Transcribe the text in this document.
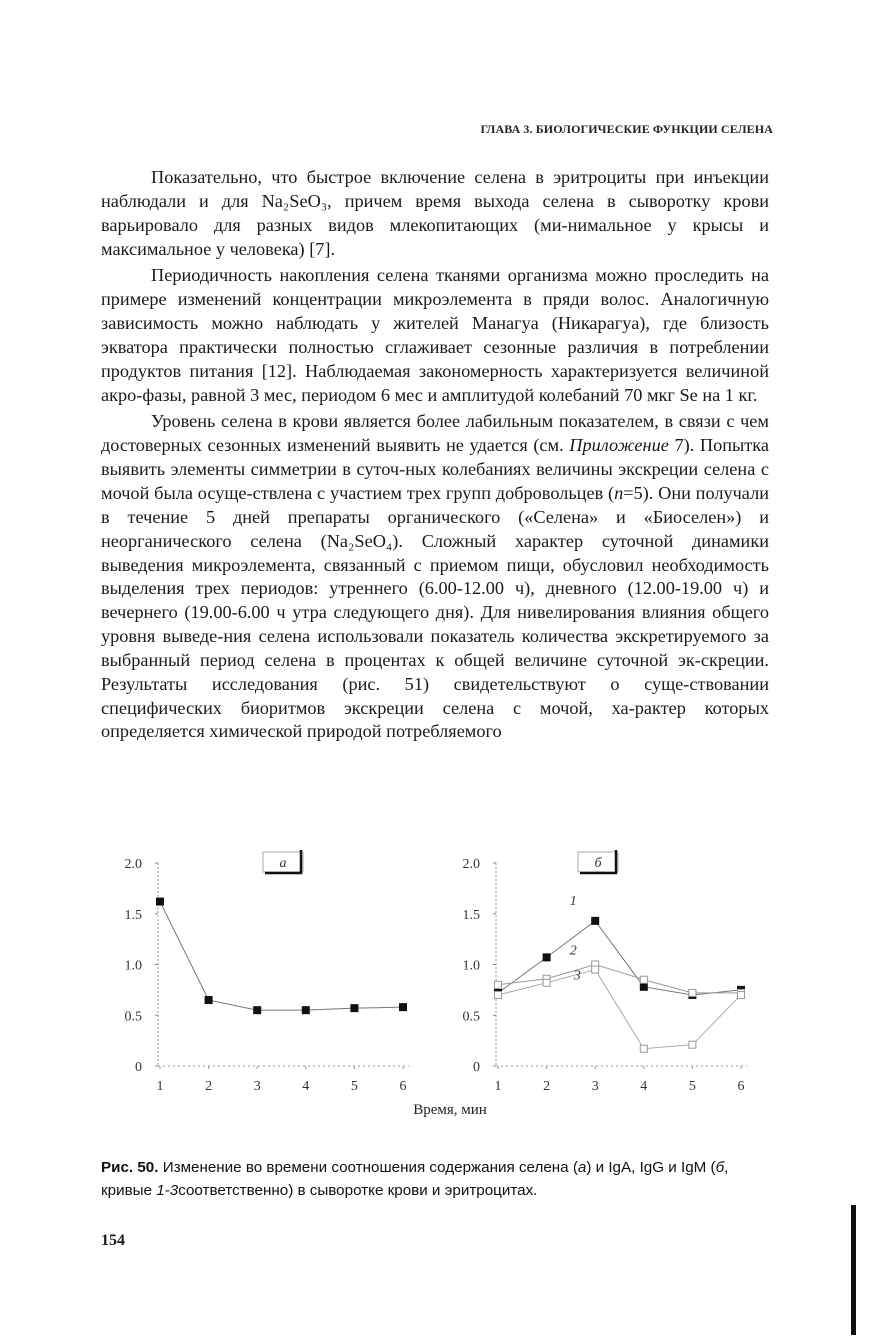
ГЛАВА 3. БИОЛОГИЧЕСКИЕ ФУНКЦИИ СЕЛЕНА

Показательно, что быстрое включение селена в эритроциты при инъекции наблюдали и для Na₂SeO₃, причем время выхода селена в сыворотку крови варьировало для разных видов млекопитающих (ми-нимальное у крысы и максимальное у человека) [7].

Периодичность накопления селена тканями организма можно проследить на примере изменений концентрации микроэлемента в пряди волос. Аналогичную зависимость можно наблюдать у жителей Манагуа (Никарагуа), где близость экватора практически полностью сглаживает сезонные различия в потреблении продуктов питания [12]. Наблюдаемая закономерность характеризуется величиной акро-фазы, равной 3 мес, периодом 6 мес и амплитудой колебаний 70 мкг Se на 1 кг.

Уровень селена в крови является более лабильным показателем, в связи с чем достоверных сезонных изменений выявить не удается (см. Приложение 7). Попытка выявить элементы симметрии в суточ-ных колебаниях величины экскреции селена с мочой была осуще-ствлена с участием трех групп добровольцев (n=5). Они получали в течение 5 дней препараты органического («Селена» и «Биоселен») и неорганического селена (Na₂SeO₄). Сложный характер суточной динамики выведения микроэлемента, связанный с приемом пищи, обусловил необходимость выделения трех периодов: утреннего (6.00-12.00 ч), дневного (12.00-19.00 ч) и вечернего (19.00-6.00 ч утра следующего дня). Для нивелирования влияния общего уровня выведе-ния селена использовали показатель количества экскретируемого за выбранный период селена в процентах к общей величине суточной эк-скреции. Результаты исследования (рис. 51) свидетельствуют о суще-ствовании специфических биоритмов экскреции селена с мочой, ха-рактер которых определяется химической природой потребляемого

0
0.5
1.0
1.5
2.0
1	2	3	4	5	6
а
0
0.5
1.0
1.5
2.0
1	2	3	4	5	6
б
1
2
3
Время, мин
Рис. 50. Изменение во времени соотношения содержания селена (а) и IgA, IgG и IgM (б, кривые 1-3соответственно) в сыворотке крови и эритроцитах.
154
